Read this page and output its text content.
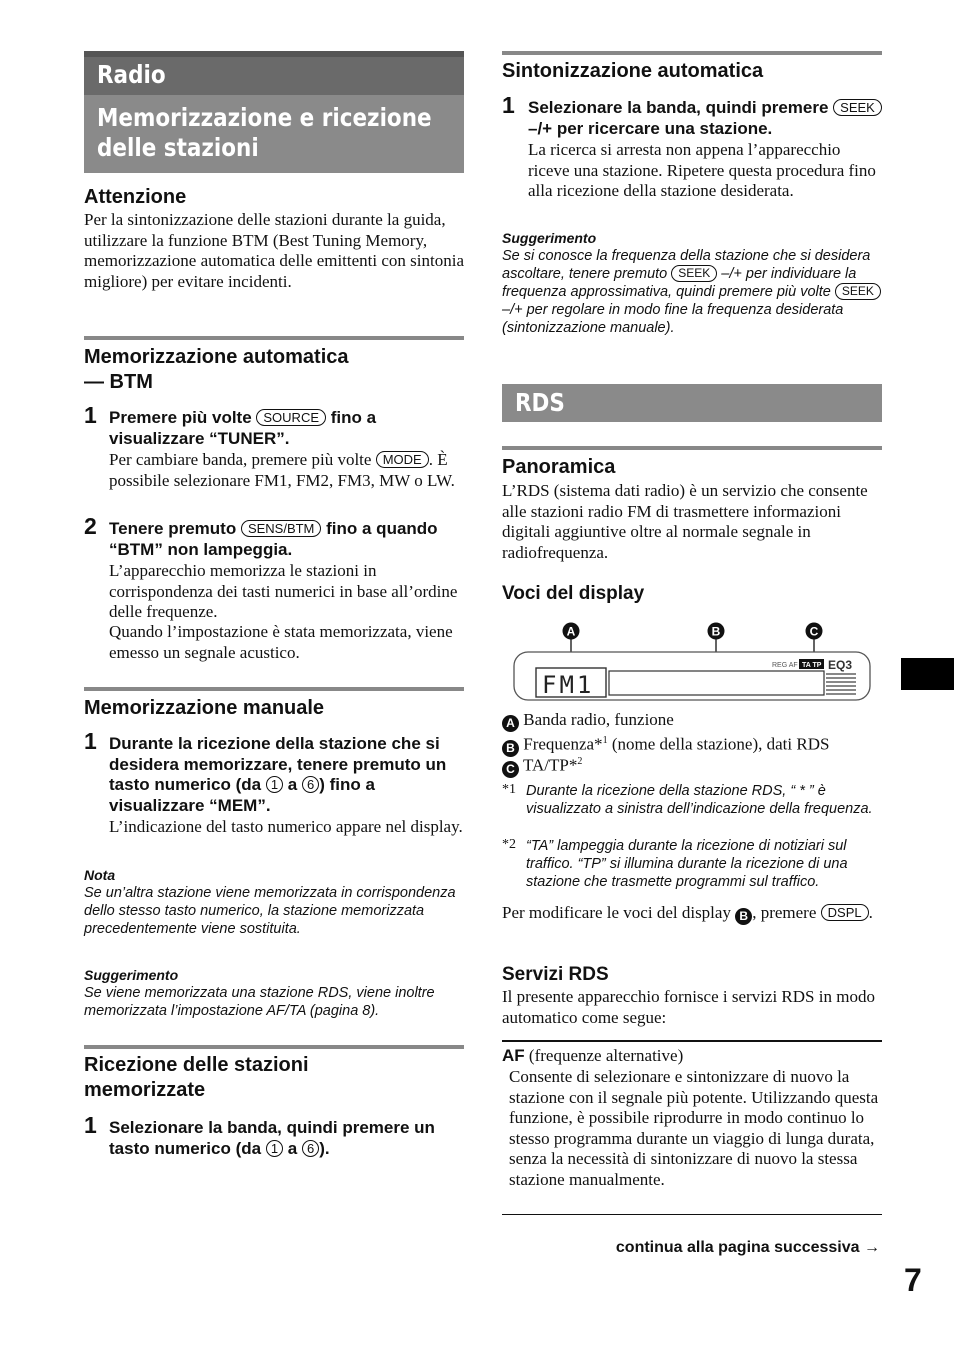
Radio
Memorizzazione e ricezione
delle stazioni
Attenzione
Per la sintonizzazione delle stazioni durante la guida, utilizzare la funzione BTM (Best Tuning Memory, memorizzazione automatica delle emittenti con sintonia migliore) per evitare incidenti.
Memorizzazione automatica
— BTM
1 Premere più volte SOURCE fino a visualizzare “TUNER”.
Per cambiare banda, premere più volte MODE . È possibile selezionare FM1, FM2, FM3, MW o LW.
2 Tenere premuto SENS/BTM fino a quando “BTM” non lampeggia.
L’apparecchio memorizza le stazioni in corrispondenza dei tasti numerici in base all’ordine delle frequenze.
Quando l’impostazione è stata memorizzata, viene emesso un segnale acustico.
Memorizzazione manuale
1 Durante la ricezione della stazione che si desidera memorizzare, tenere premuto un tasto numerico (da 1 a 6 ) fino a visualizzare “MEM”.
L’indicazione del tasto numerico appare nel display.
Nota
Se un’altra stazione viene memorizzata in corrispondenza dello stesso tasto numerico, la stazione memorizzata precedentemente viene sostituita.
Suggerimento
Se viene memorizzata una stazione RDS, viene inoltre memorizzata l’impostazione AF/TA (pagina 8).
Ricezione delle stazioni
memorizzate
1 Selezionare la banda, quindi premere un tasto numerico (da 1 a 6 ).
Sintonizzazione automatica
1 Selezionare la banda, quindi premere SEEK –/+ per ricercare una stazione.
La ricerca si arresta non appena l’apparecchio riceve una stazione. Ripetere questa procedura fino alla ricezione della stazione desiderata.
Suggerimento
Se si conosce la frequenza della stazione che si desidera ascoltare, tenere premuto SEEK –/+ per individuare la frequenza approssimativa, quindi premere più volte SEEK –/+ per regolare in modo fine la frequenza desiderata (sintonizzazione manuale).
RDS
Panoramica
L’RDS (sistema dati radio) è un servizio che consente alle stazioni radio FM di trasmettere informazioni digitali aggiuntive oltre al normale segnale in radiofrequenza.
Voci del display
A	B	C
FM1
REG AF TA TP EQ3
A Banda radio, funzione
B Frequenza*$^1$ (nome della stazione), dati RDS
C TA/TP*$^2$
*1 Durante la ricezione della stazione RDS, “ * ” è visualizzato a sinistra dell’indicazione della frequenza.
*2 “TA” lampeggia durante la ricezione di notiziari sul traffico. “TP” si illumina durante la ricezione di una stazione che trasmette programmi sul traffico.
Per modificare le voci del display B , premere DSPL .
Servizi RDS
Il presente apparecchio fornisce i servizi RDS in modo automatico come segue:
AF (frequenze alternative)
Consente di selezionare e sintonizzare di nuovo la stazione con il segnale più potente. Utilizzando questa funzione, è possibile riprodurre in modo continuo lo stesso programma durante un viaggio di lunga durata, senza la necessità di sintonizzare di nuovo la stessa stazione manualmente.
continua alla pagina successiva →
7
